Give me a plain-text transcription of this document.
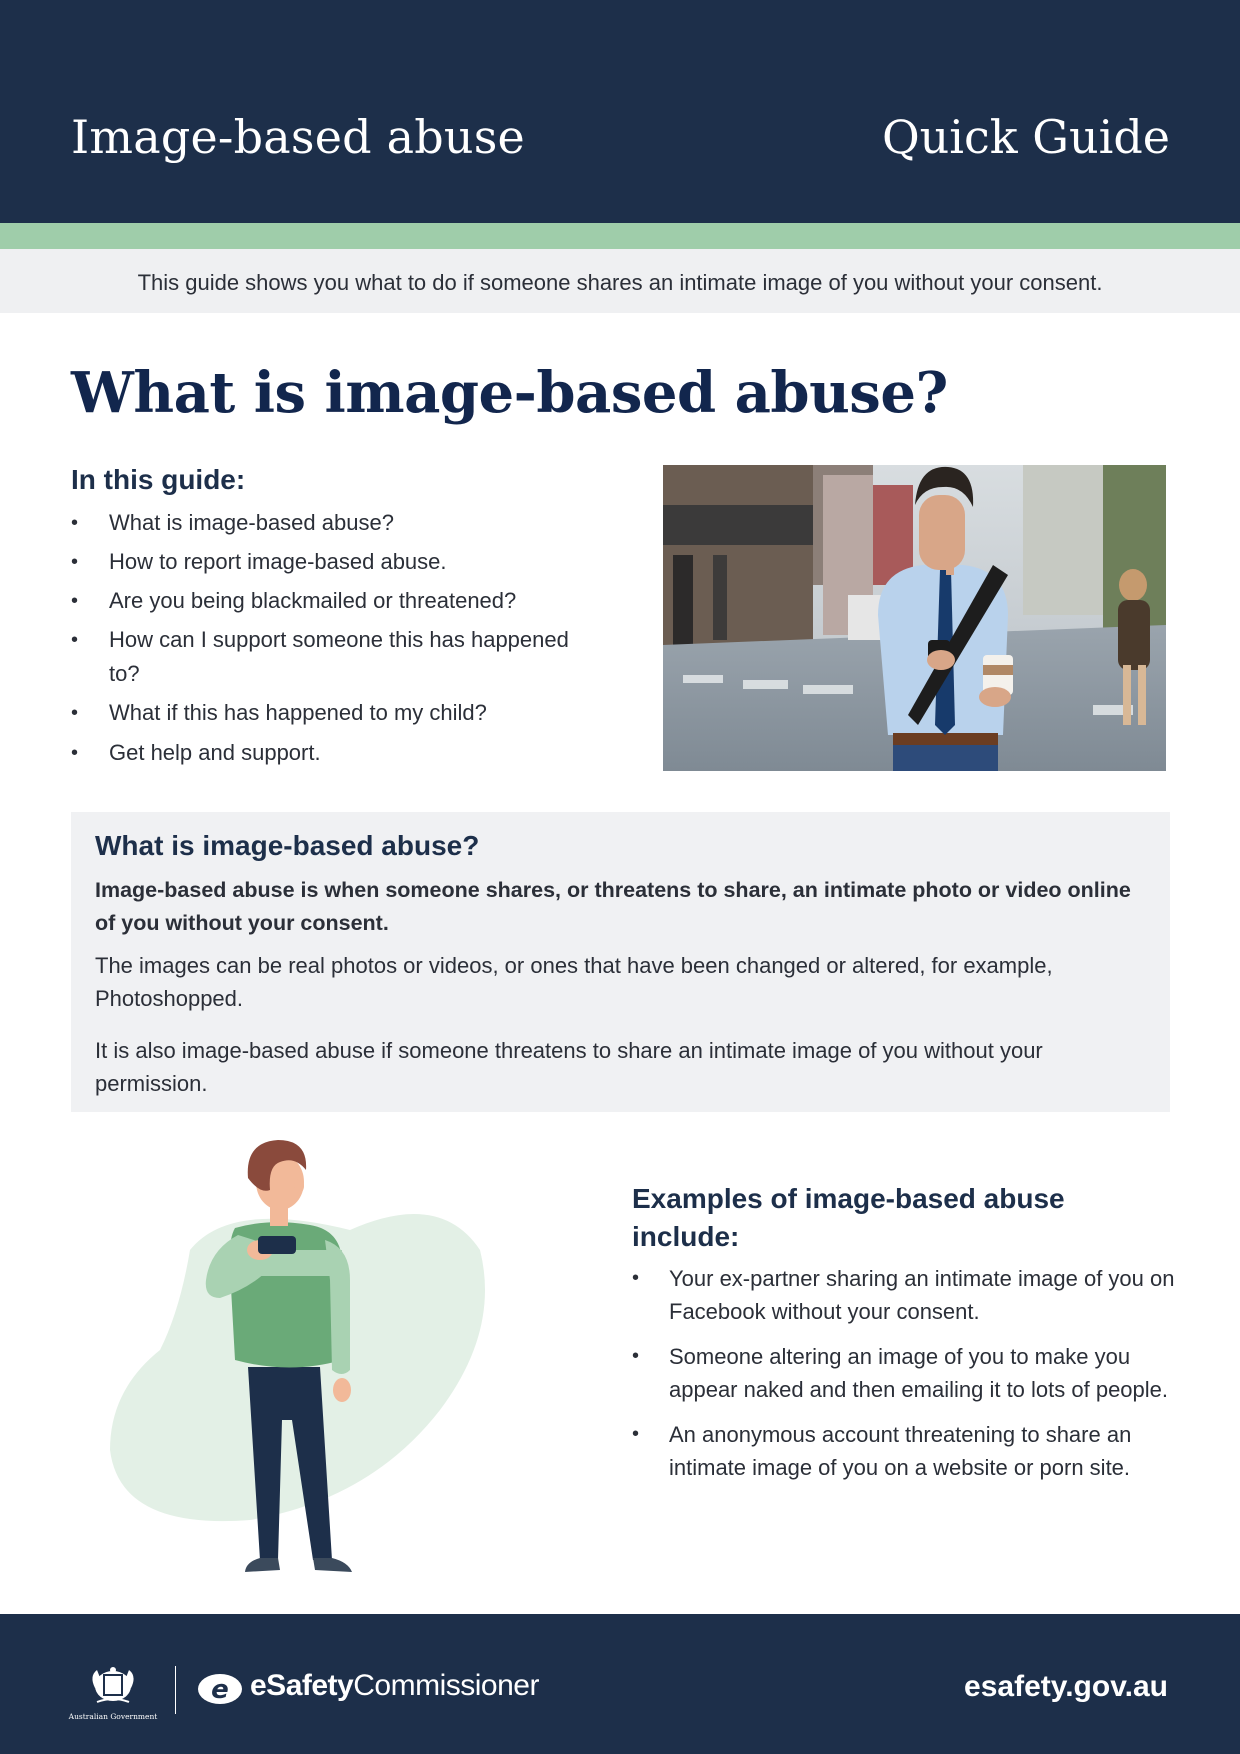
Image-based abuse	Quick Guide
This guide shows you what to do if someone shares an intimate image of you without your consent.
What is image-based abuse?
In this guide:
• What is image-based abuse?
• How to report image-based abuse.
• Are you being blackmailed or threatened?
• How can I support someone this has happened to?
• What if this has happened to my child?
• Get help and support.
What is image-based abuse?
Image-based abuse is when someone shares, or threatens to share, an intimate photo or video online of you without your consent.
The images can be real photos or videos, or ones that have been changed or altered, for example, Photoshopped.
It is also image-based abuse if someone threatens to share an intimate image of you without your permission.
Examples of image-based abuse include:
• Your ex-partner sharing an intimate image of you on Facebook without your consent.
• Someone altering an image of you to make you appear naked and then emailing it to lots of people.
• An anonymous account threatening to share an intimate image of you on a website or porn site.
Australian Government
e eSafetyCommissioner	esafety.gov.au
